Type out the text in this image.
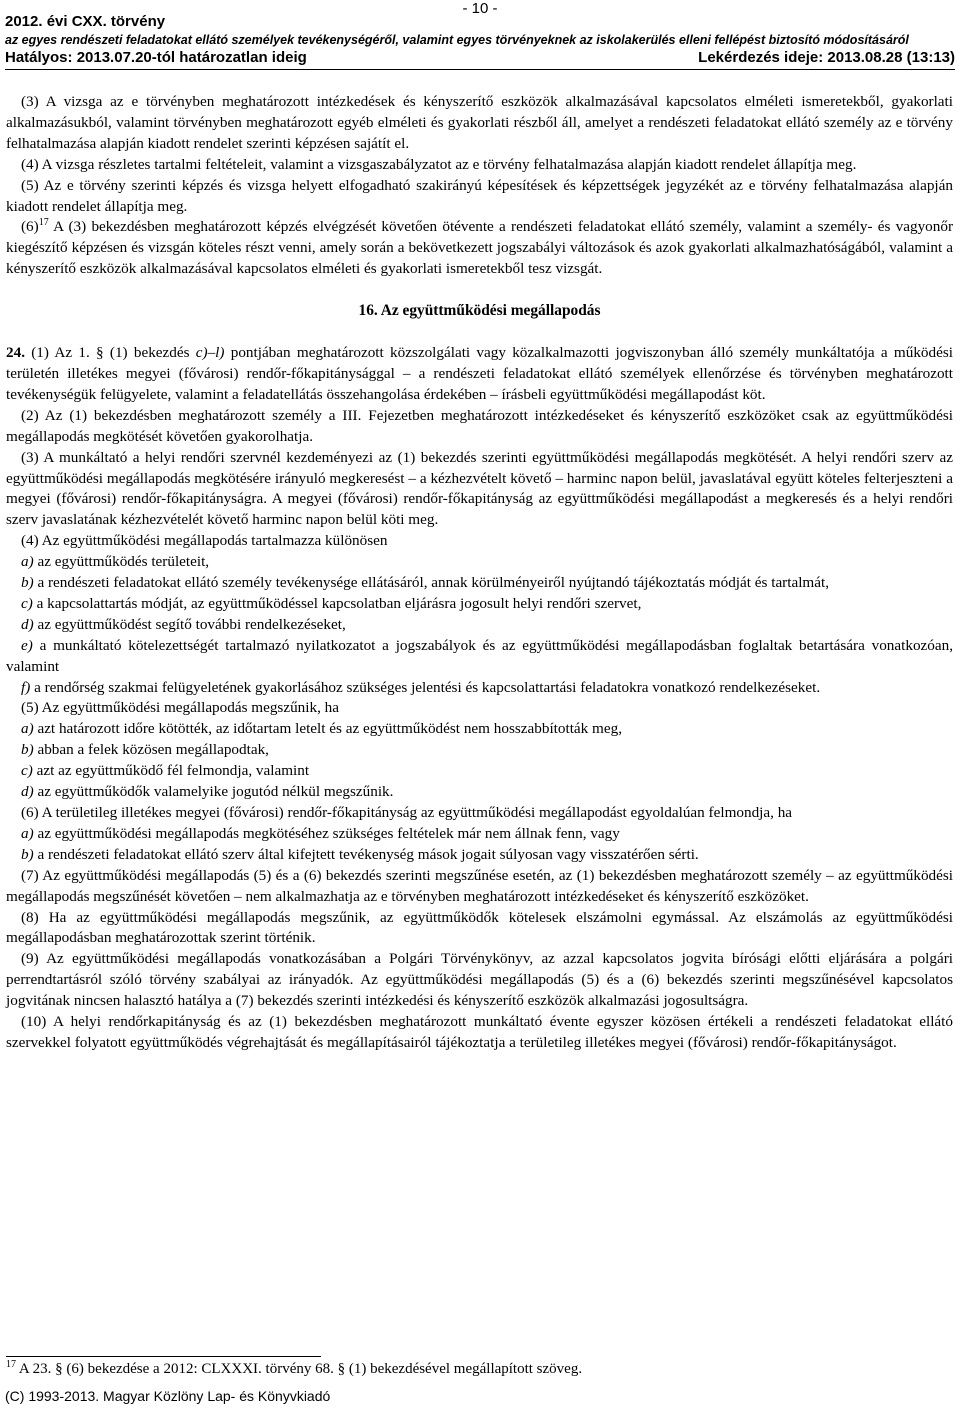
- 10 -
2012. évi CXX. törvény
az egyes rendészeti feladatokat ellátó személyek tevékenységéről, valamint egyes törvényeknek az iskolakerülés elleni fellépést biztosító módosításáról
Hatályos: 2013.07.20-tól határozatlan ideig	Lekérdezés ideje: 2013.08.28 (13:13)

(3) A vizsga az e törvényben meghatározott intézkedések és kényszerítő eszközök alkalmazásával kapcsolatos elméleti ismeretekből, gyakorlati alkalmazásukból, valamint törvényben meghatározott egyéb elméleti és gyakorlati részből áll, amelyet a rendészeti feladatokat ellátó személy az e törvény felhatalmazása alapján kiadott rendelet szerinti képzésen sajátít el.

(4) A vizsga részletes tartalmi feltételeit, valamint a vizsgaszabályzatot az e törvény felhatalmazása alapján kiadott rendelet állapítja meg.

(5) Az e törvény szerinti képzés és vizsga helyett elfogadható szakirányú képesítések és képzettségek jegyzékét az e törvény felhatalmazása alapján kiadott rendelet állapítja meg.

$(6)^{17}$ A (3) bekezdésben meghatározott képzés elvégzését követően ötévente a rendészeti feladatokat ellátó személy, valamint a személy- és vagyonőr kiegészítő képzésen és vizsgán köteles részt venni, amely során a bekövetkezett jogszabályi változások és azok gyakorlati alkalmazhatóságából, valamint a kényszerítő eszközök alkalmazásával kapcsolatos elméleti és gyakorlati ismeretekből tesz vizsgát.

16. Az együttműködési megállapodás

24. (1) Az 1. § (1) bekezdés c)–l) pontjában meghatározott közszolgálati vagy közalkalmazotti jogviszonyban álló személy munkáltatója a működési területén illetékes megyei (fővárosi) rendőr-főkapitánysággal – a rendészeti feladatokat ellátó személyek ellenőrzése és törvényben meghatározott tevékenységük felügyelete, valamint a feladatellátás összehangolása érdekében – írásbeli együttműködési megállapodást köt.

(2) Az (1) bekezdésben meghatározott személy a III. Fejezetben meghatározott intézkedéseket és kényszerítő eszközöket csak az együttműködési megállapodás megkötését követően gyakorolhatja.

(3) A munkáltató a helyi rendőri szervnél kezdeményezi az (1) bekezdés szerinti együttműködési megállapodás megkötését. A helyi rendőri szerv az együttműködési megállapodás megkötésére irányuló megkeresést – a kézhezvételt követő – harminc napon belül, javaslatával együtt köteles felterjeszteni a megyei (fővárosi) rendőr-főkapitányságra. A megyei (fővárosi) rendőr-főkapitányság az együttműködési megállapodást a megkeresés és a helyi rendőri szerv javaslatának kézhezvételét követő harminc napon belül köti meg.

(4) Az együttműködési megállapodás tartalmazza különösen

a) az együttműködés területeit,

b) a rendészeti feladatokat ellátó személy tevékenysége ellátásáról, annak körülményeiről nyújtandó tájékoztatás módját és tartalmát,

c) a kapcsolattartás módját, az együttműködéssel kapcsolatban eljárásra jogosult helyi rendőri szervet,

d) az együttműködést segítő további rendelkezéseket,

e) a munkáltató kötelezettségét tartalmazó nyilatkozatot a jogszabályok és az együttműködési megállapodásban foglaltak betartására vonatkozóan, valamint

f) a rendőrség szakmai felügyeletének gyakorlásához szükséges jelentési és kapcsolattartási feladatokra vonatkozó rendelkezéseket.

(5) Az együttműködési megállapodás megszűnik, ha

a) azt határozott időre kötötték, az időtartam letelt és az együttműködést nem hosszabbították meg,

b) abban a felek közösen megállapodtak,

c) azt az együttműködő fél felmondja, valamint

d) az együttműködők valamelyike jogutód nélkül megszűnik.

(6) A területileg illetékes megyei (fővárosi) rendőr-főkapitányság az együttműködési megállapodást egyoldalúan felmondja, ha

a) az együttműködési megállapodás megkötéséhez szükséges feltételek már nem állnak fenn, vagy

b) a rendészeti feladatokat ellátó szerv által kifejtett tevékenység mások jogait súlyosan vagy visszatérően sérti.

(7) Az együttműködési megállapodás (5) és a (6) bekezdés szerinti megszűnése esetén, az (1) bekezdésben meghatározott személy – az együttműködési megállapodás megszűnését követően – nem alkalmazhatja az e törvényben meghatározott intézkedéseket és kényszerítő eszközöket.

(8) Ha az együttműködési megállapodás megszűnik, az együttműködők kötelesek elszámolni egymással. Az elszámolás az együttműködési megállapodásban meghatározottak szerint történik.

(9) Az együttműködési megállapodás vonatkozásában a Polgári Törvénykönyv, az azzal kapcsolatos jogvita bírósági előtti eljárására a polgári perrendtartásról szóló törvény szabályai az irányadók. Az együttműködési megállapodás (5) és a (6) bekezdés szerinti megszűnésével kapcsolatos jogvitának nincsen halasztó hatálya a (7) bekezdés szerinti intézkedési és kényszerítő eszközök alkalmazási jogosultságra.

(10) A helyi rendőrkapitányság és az (1) bekezdésben meghatározott munkáltató évente egyszer közösen értékeli a rendészeti feladatokat ellátó szervekkel folyatott együttműködés végrehajtását és megállapításairól tájékoztatja a területileg illetékes megyei (fővárosi) rendőr-főkapitányságot.

$^{17}$ A 23. § (6) bekezdése a 2012: CLXXXI. törvény 68. § (1) bekezdésével megállapított szöveg.
(C) 1993-2013. Magyar Közlöny Lap- és Könyvkiadó
